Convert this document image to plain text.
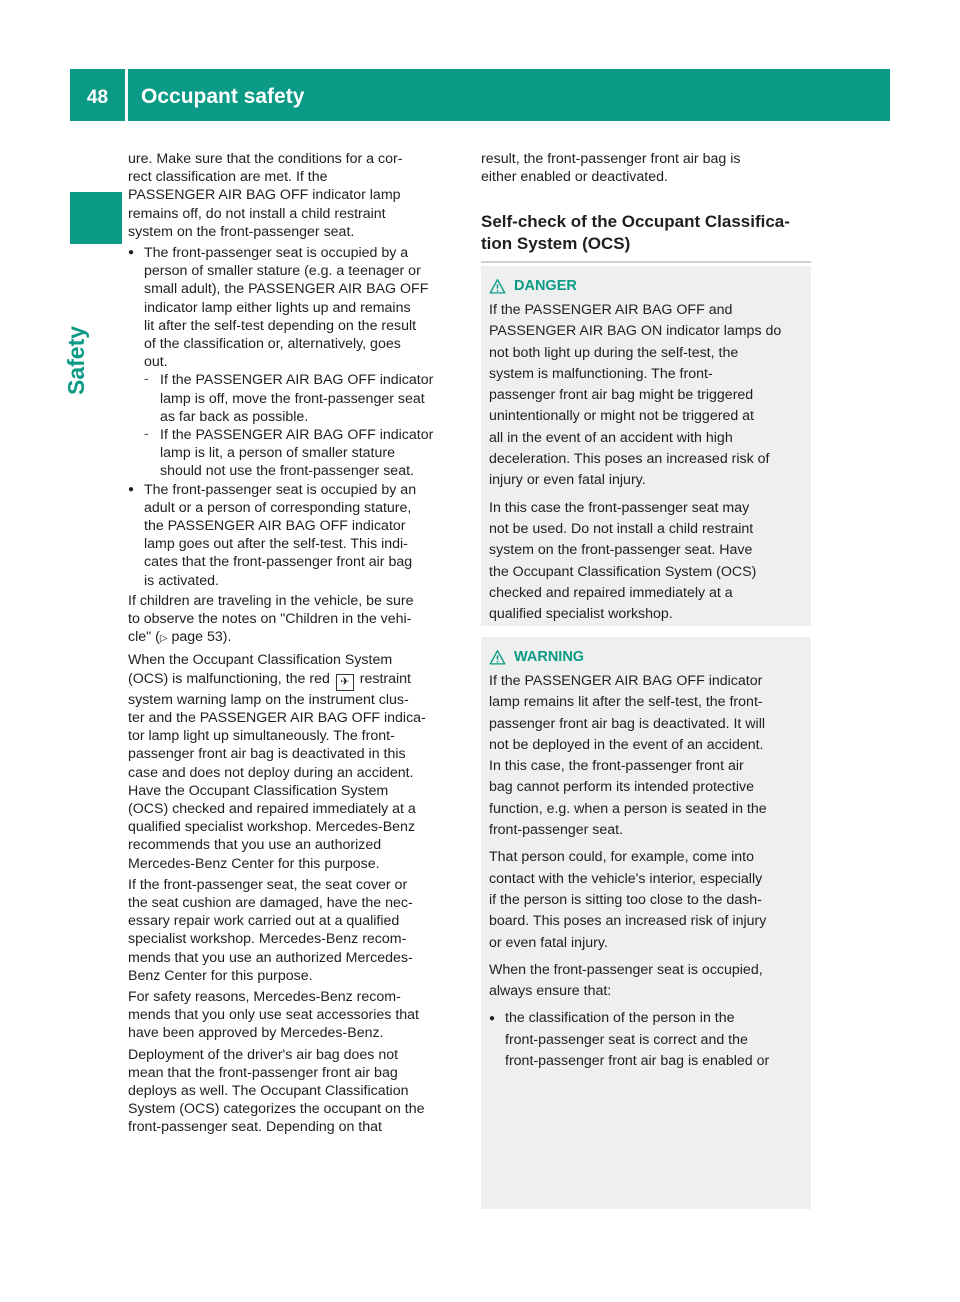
48	Occupant safety
Safety

ure. Make sure that the conditions for a cor-
rect classification are met. If the
PASSENGER AIR BAG OFF indicator lamp
remains off, do not install a child restraint
system on the front-passenger seat.

● The front-passenger seat is occupied by a
person of smaller stature (e.g. a teenager or
small adult), the PASSENGER AIR BAG OFF
indicator lamp either lights up and remains
lit after the self-test depending on the result
of the classification or, alternatively, goes
out.
- If the PASSENGER AIR BAG OFF indicator
lamp is off, move the front-passenger seat
as far back as possible.
- If the PASSENGER AIR BAG OFF indicator
lamp is lit, a person of smaller stature
should not use the front-passenger seat.
● The front-passenger seat is occupied by an
adult or a person of corresponding stature,
the PASSENGER AIR BAG OFF indicator
lamp goes out after the self-test. This indi-
cates that the front-passenger front air bag
is activated.

If children are traveling in the vehicle, be sure
to observe the notes on "Children in the vehi-
cle" (▷ page 53).

When the Occupant Classification System
(OCS) is malfunctioning, the red ✈ restraint
system warning lamp on the instrument clus-
ter and the PASSENGER AIR BAG OFF indica-
tor lamp light up simultaneously. The front-
passenger front air bag is deactivated in this
case and does not deploy during an accident.
Have the Occupant Classification System
(OCS) checked and repaired immediately at a
qualified specialist workshop. Mercedes-Benz
recommends that you use an authorized
Mercedes-Benz Center for this purpose.

If the front-passenger seat, the seat cover or
the seat cushion are damaged, have the nec-
essary repair work carried out at a qualified
specialist workshop. Mercedes-Benz recom-
mends that you use an authorized Mercedes-
Benz Center for this purpose.

For safety reasons, Mercedes-Benz recom-
mends that you only use seat accessories that
have been approved by Mercedes-Benz.

Deployment of the driver's air bag does not
mean that the front-passenger front air bag
deploys as well. The Occupant Classification
System (OCS) categorizes the occupant on the
front-passenger seat. Depending on that

result, the front-passenger front air bag is
either enabled or deactivated.
Self-check of the Occupant Classifica-
tion System (OCS)
DANGER

If the PASSENGER AIR BAG OFF and
PASSENGER AIR BAG ON indicator lamps do
not both light up during the self-test, the
system is malfunctioning. The front-
passenger front air bag might be triggered
unintentionally or might not be triggered at
all in the event of an accident with high
deceleration. This poses an increased risk of
injury or even fatal injury.

In this case the front-passenger seat may
not be used. Do not install a child restraint
system on the front-passenger seat. Have
the Occupant Classification System (OCS)
checked and repaired immediately at a
qualified specialist workshop.

WARNING

If the PASSENGER AIR BAG OFF indicator
lamp remains lit after the self-test, the front-
passenger front air bag is deactivated. It will
not be deployed in the event of an accident.
In this case, the front-passenger front air
bag cannot perform its intended protective
function, e.g. when a person is seated in the
front-passenger seat.

That person could, for example, come into
contact with the vehicle's interior, especially
if the person is sitting too close to the dash-
board. This poses an increased risk of injury
or even fatal injury.

When the front-passenger seat is occupied,
always ensure that:

● the classification of the person in the
front-passenger seat is correct and the
front-passenger front air bag is enabled or
